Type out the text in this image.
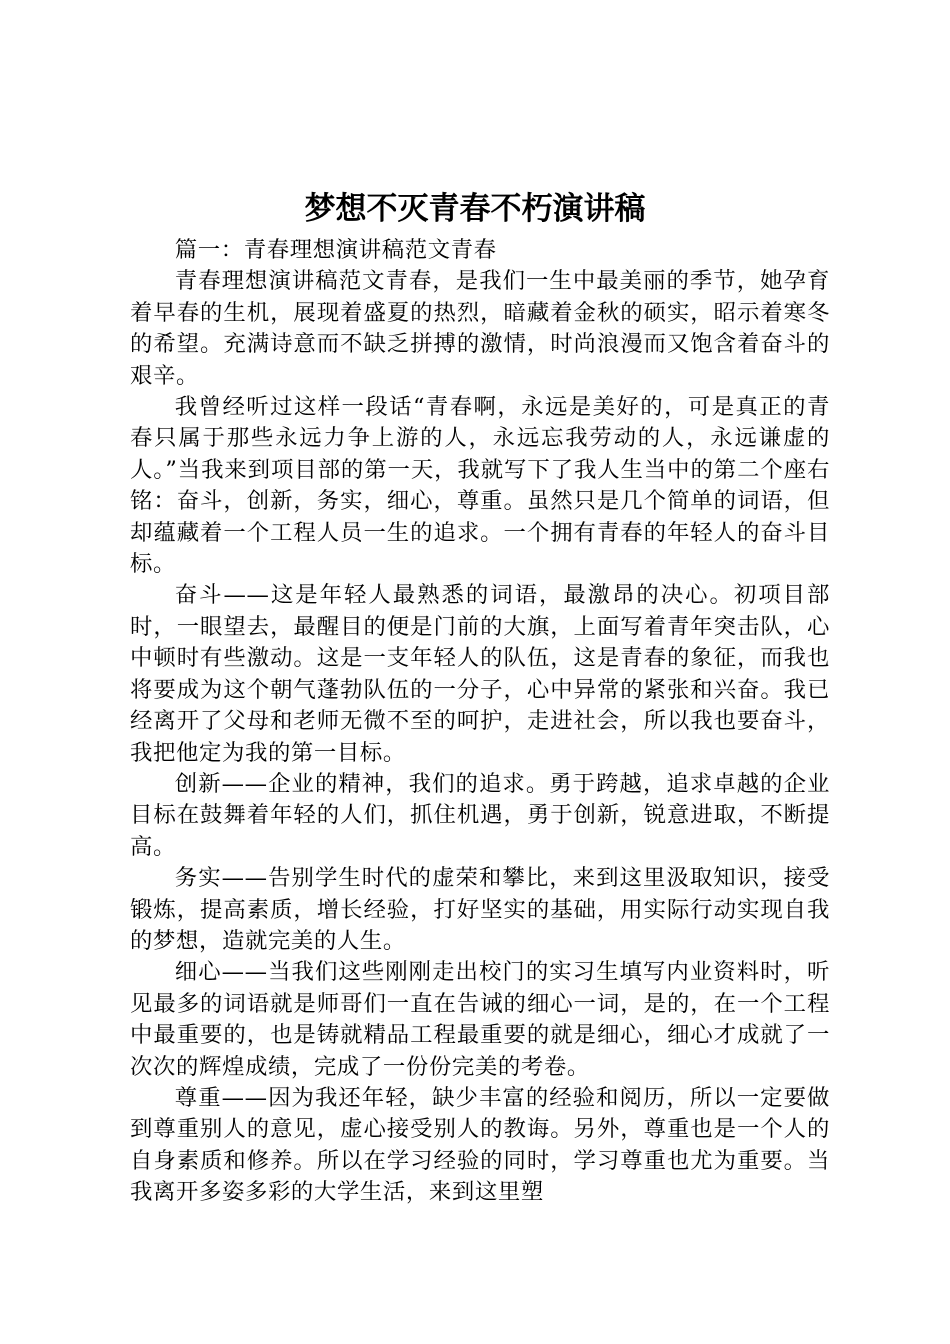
梦想不灭青春不朽演讲稿

篇一：青春理想演讲稿范文青春

青春理想演讲稿范文青春，是我们一生中最美丽的季节，她孕育着早春的生机，展现着盛夏的热烈，暗藏着金秋的硕实，昭示着寒冬的希望。充满诗意而不缺乏拼搏的激情，时尚浪漫而又饱含着奋斗的艰辛。

我曾经听过这样一段话“青春啊，永远是美好的，可是真正的青春只属于那些永远力争上游的人，永远忘我劳动的人，永远谦虚的人。”当我来到项目部的第一天，我就写下了我人生当中的第二个座右铭：奋斗，创新，务实，细心，尊重。虽然只是几个简单的词语，但却蕴藏着一个工程人员一生的追求。一个拥有青春的年轻人的奋斗目标。

奋斗——这是年轻人最熟悉的词语，最激昂的决心。初项目部时，一眼望去，最醒目的便是门前的大旗，上面写着青年突击队，心中顿时有些激动。这是一支年轻人的队伍，这是青春的象征，而我也将要成为这个朝气蓬勃队伍的一分子，心中异常的紧张和兴奋。我已经离开了父母和老师无微不至的呵护，走进社会，所以我也要奋斗，我把他定为我的第一目标。

创新——企业的精神，我们的追求。勇于跨越，追求卓越的企业目标在鼓舞着年轻的人们，抓住机遇，勇于创新，锐意进取，不断提高。

务实——告别学生时代的虚荣和攀比，来到这里汲取知识，接受锻炼，提高素质，增长经验，打好坚实的基础，用实际行动实现自我的梦想，造就完美的人生。

细心——当我们这些刚刚走出校门的实习生填写内业资料时，听见最多的词语就是师哥们一直在告诫的细心一词，是的，在一个工程中最重要的，也是铸就精品工程最重要的就是细心，细心才成就了一次次的辉煌成绩，完成了一份份完美的考卷。

尊重——因为我还年轻，缺少丰富的经验和阅历，所以一定要做到尊重别人的意见，虚心接受别人的教诲。另外，尊重也是一个人的自身素质和修养。所以在学习经验的同时，学习尊重也尤为重要。当我离开多姿多彩的大学生活，来到这里塑
